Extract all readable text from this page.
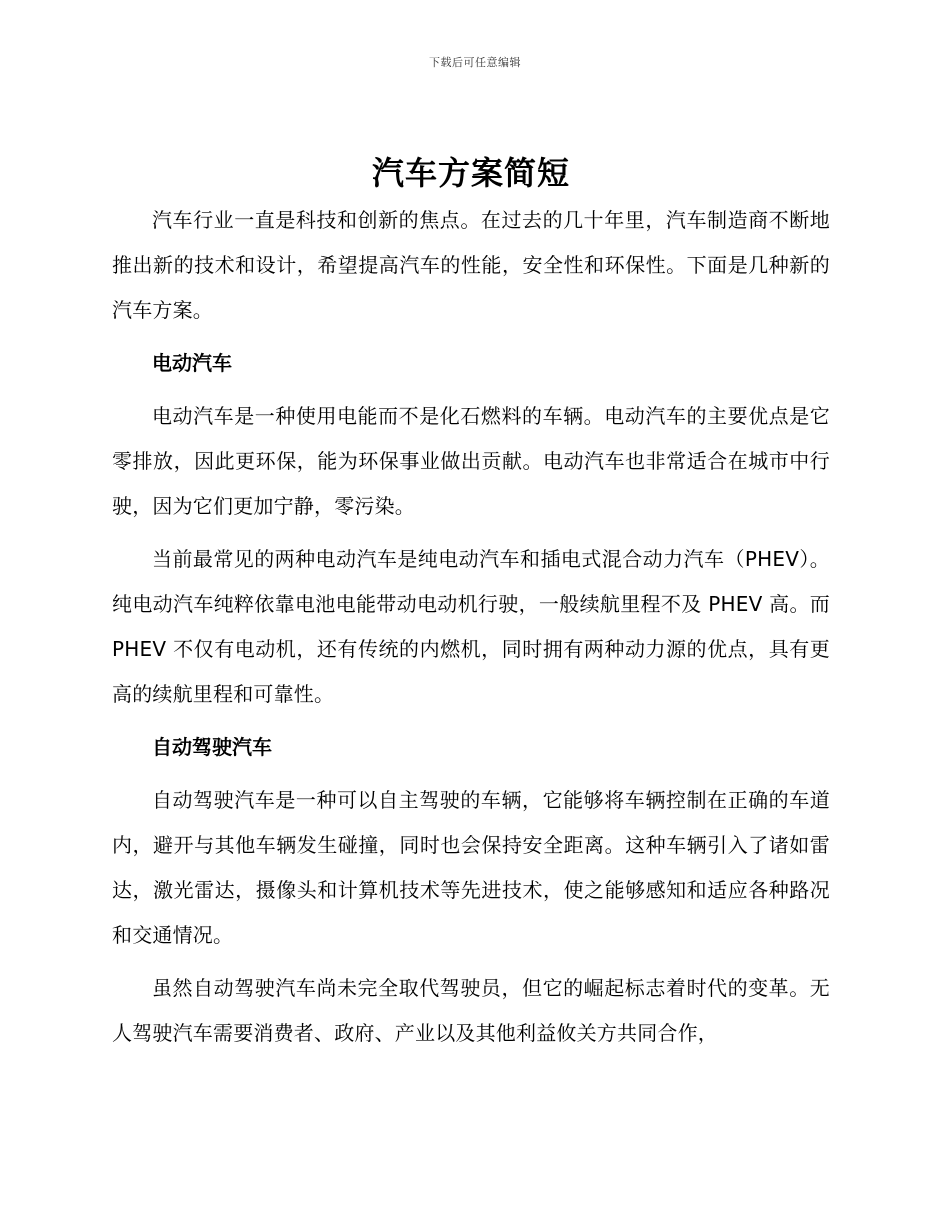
下载后可任意编辑
汽车方案简短

汽车行业一直是科技和创新的焦点。在过去的几十年里，汽车制造商不断地推出新的技术和设计，希望提高汽车的性能，安全性和环保性。下面是几种新的汽车方案。

电动汽车

电动汽车是一种使用电能而不是化石燃料的车辆。电动汽车的主要优点是它零排放，因此更环保，能为环保事业做出贡献。电动汽车也非常适合在城市中行驶，因为它们更加宁静，零污染。

当前最常见的两种电动汽车是纯电动汽车和插电式混合动力汽车（PHEV）。纯电动汽车纯粹依靠电池电能带动电动机行驶，一般续航里程不及 PHEV 高。而 PHEV 不仅有电动机，还有传统的内燃机，同时拥有两种动力源的优点，具有更高的续航里程和可靠性。

自动驾驶汽车

自动驾驶汽车是一种可以自主驾驶的车辆，它能够将车辆控制在正确的车道内，避开与其他车辆发生碰撞，同时也会保持安全距离。这种车辆引入了诸如雷达，激光雷达，摄像头和计算机技术等先进技术，使之能够感知和适应各种路况和交通情况。

虽然自动驾驶汽车尚未完全取代驾驶员，但它的崛起标志着时代的变革。无人驾驶汽车需要消费者、政府、产业以及其他利益攸关方共同合作，
